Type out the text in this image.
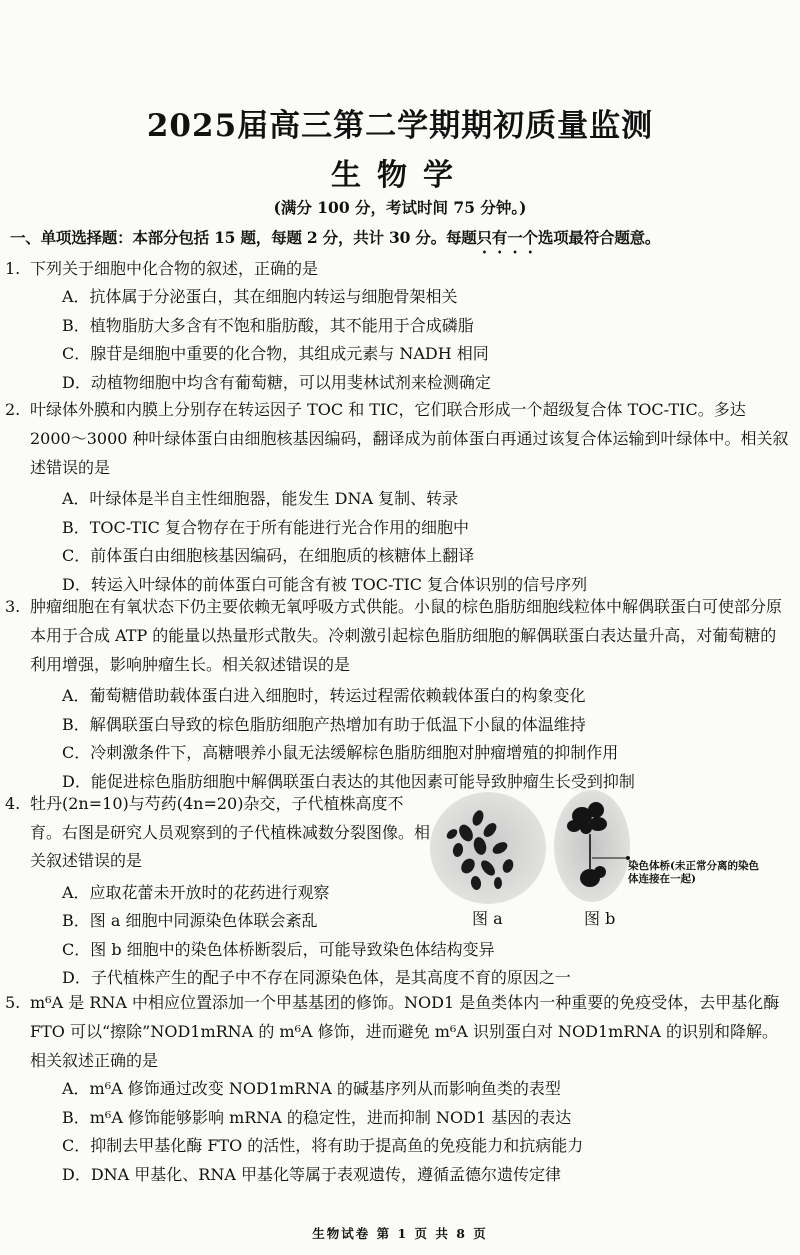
2025届高三第二学期期初质量监测
生物学
(满分 100 分，考试时间 75 分钟。)
一、单项选择题：本部分包括 15 题，每题 2 分，共计 30 分。每题只有一个选项最符合题意。
1. 下列关于细胞中化合物的叙述，正确的是
A．抗体属于分泌蛋白，其在细胞内转运与细胞骨架相关
B．植物脂肪大多含有不饱和脂肪酸，其不能用于合成磷脂
C．腺苷是细胞中重要的化合物，其组成元素与 NADH 相同
D．动植物细胞中均含有葡萄糖，可以用斐林试剂来检测确定
2. 叶绿体外膜和内膜上分别存在转运因子 TOC 和 TIC，它们联合形成一个超级复合体 TOC-TIC。多达 2000～3000 种叶绿体蛋白由细胞核基因编码，翻译成为前体蛋白再通过该复合体运输到叶绿体中。相关叙述错误的是
A．叶绿体是半自主性细胞器，能发生 DNA 复制、转录
B．TOC-TIC 复合物存在于所有能进行光合作用的细胞中
C．前体蛋白由细胞核基因编码，在细胞质的核糖体上翻译
D．转运入叶绿体的前体蛋白可能含有被 TOC-TIC 复合体识别的信号序列
3. 肿瘤细胞在有氧状态下仍主要依赖无氧呼吸方式供能。小鼠的棕色脂肪细胞线粒体中解偶联蛋白可使部分原本用于合成 ATP 的能量以热量形式散失。冷刺激引起棕色脂肪细胞的解偶联蛋白表达量升高，对葡萄糖的利用增强，影响肿瘤生长。相关叙述错误的是
A．葡萄糖借助载体蛋白进入细胞时，转运过程需依赖载体蛋白的构象变化
B．解偶联蛋白导致的棕色脂肪细胞产热增加有助于低温下小鼠的体温维持
C．冷刺激条件下，高糖喂养小鼠无法缓解棕色脂肪细胞对肿瘤增殖的抑制作用
D．能促进棕色脂肪细胞中解偶联蛋白表达的其他因素可能导致肿瘤生长受到抑制
4. 牡丹(2n=10)与芍药(4n=20)杂交，子代植株高度不育。右图是研究人员观察到的子代植株减数分裂图像。相关叙述错误的是
A．应取花蕾未开放时的花药进行观察
B．图 a 细胞中同源染色体联会紊乱
C．图 b 细胞中的染色体桥断裂后，可能导致染色体结构变异
D．子代植株产生的配子中不存在同源染色体，是其高度不育的原因之一
图 a
染色体桥(未正常分离的染色体连接在一起)
图 b
5. m⁶A 是 RNA 中相应位置添加一个甲基基团的修饰。NOD1 是鱼类体内一种重要的免疫受体，去甲基化酶 FTO 可以“擦除”NOD1mRNA 的 m⁶A 修饰，进而避免 m⁶A 识别蛋白对 NOD1mRNA 的识别和降解。相关叙述正确的是
A．m⁶A 修饰通过改变 NOD1mRNA 的碱基序列从而影响鱼类的表型
B．m⁶A 修饰能够影响 mRNA 的稳定性，进而抑制 NOD1 基因的表达
C．抑制去甲基化酶 FTO 的活性，将有助于提高鱼的免疫能力和抗病能力
D．DNA 甲基化、RNA 甲基化等属于表观遗传，遵循孟德尔遗传定律
生物试卷 第 1 页 共 8 页
